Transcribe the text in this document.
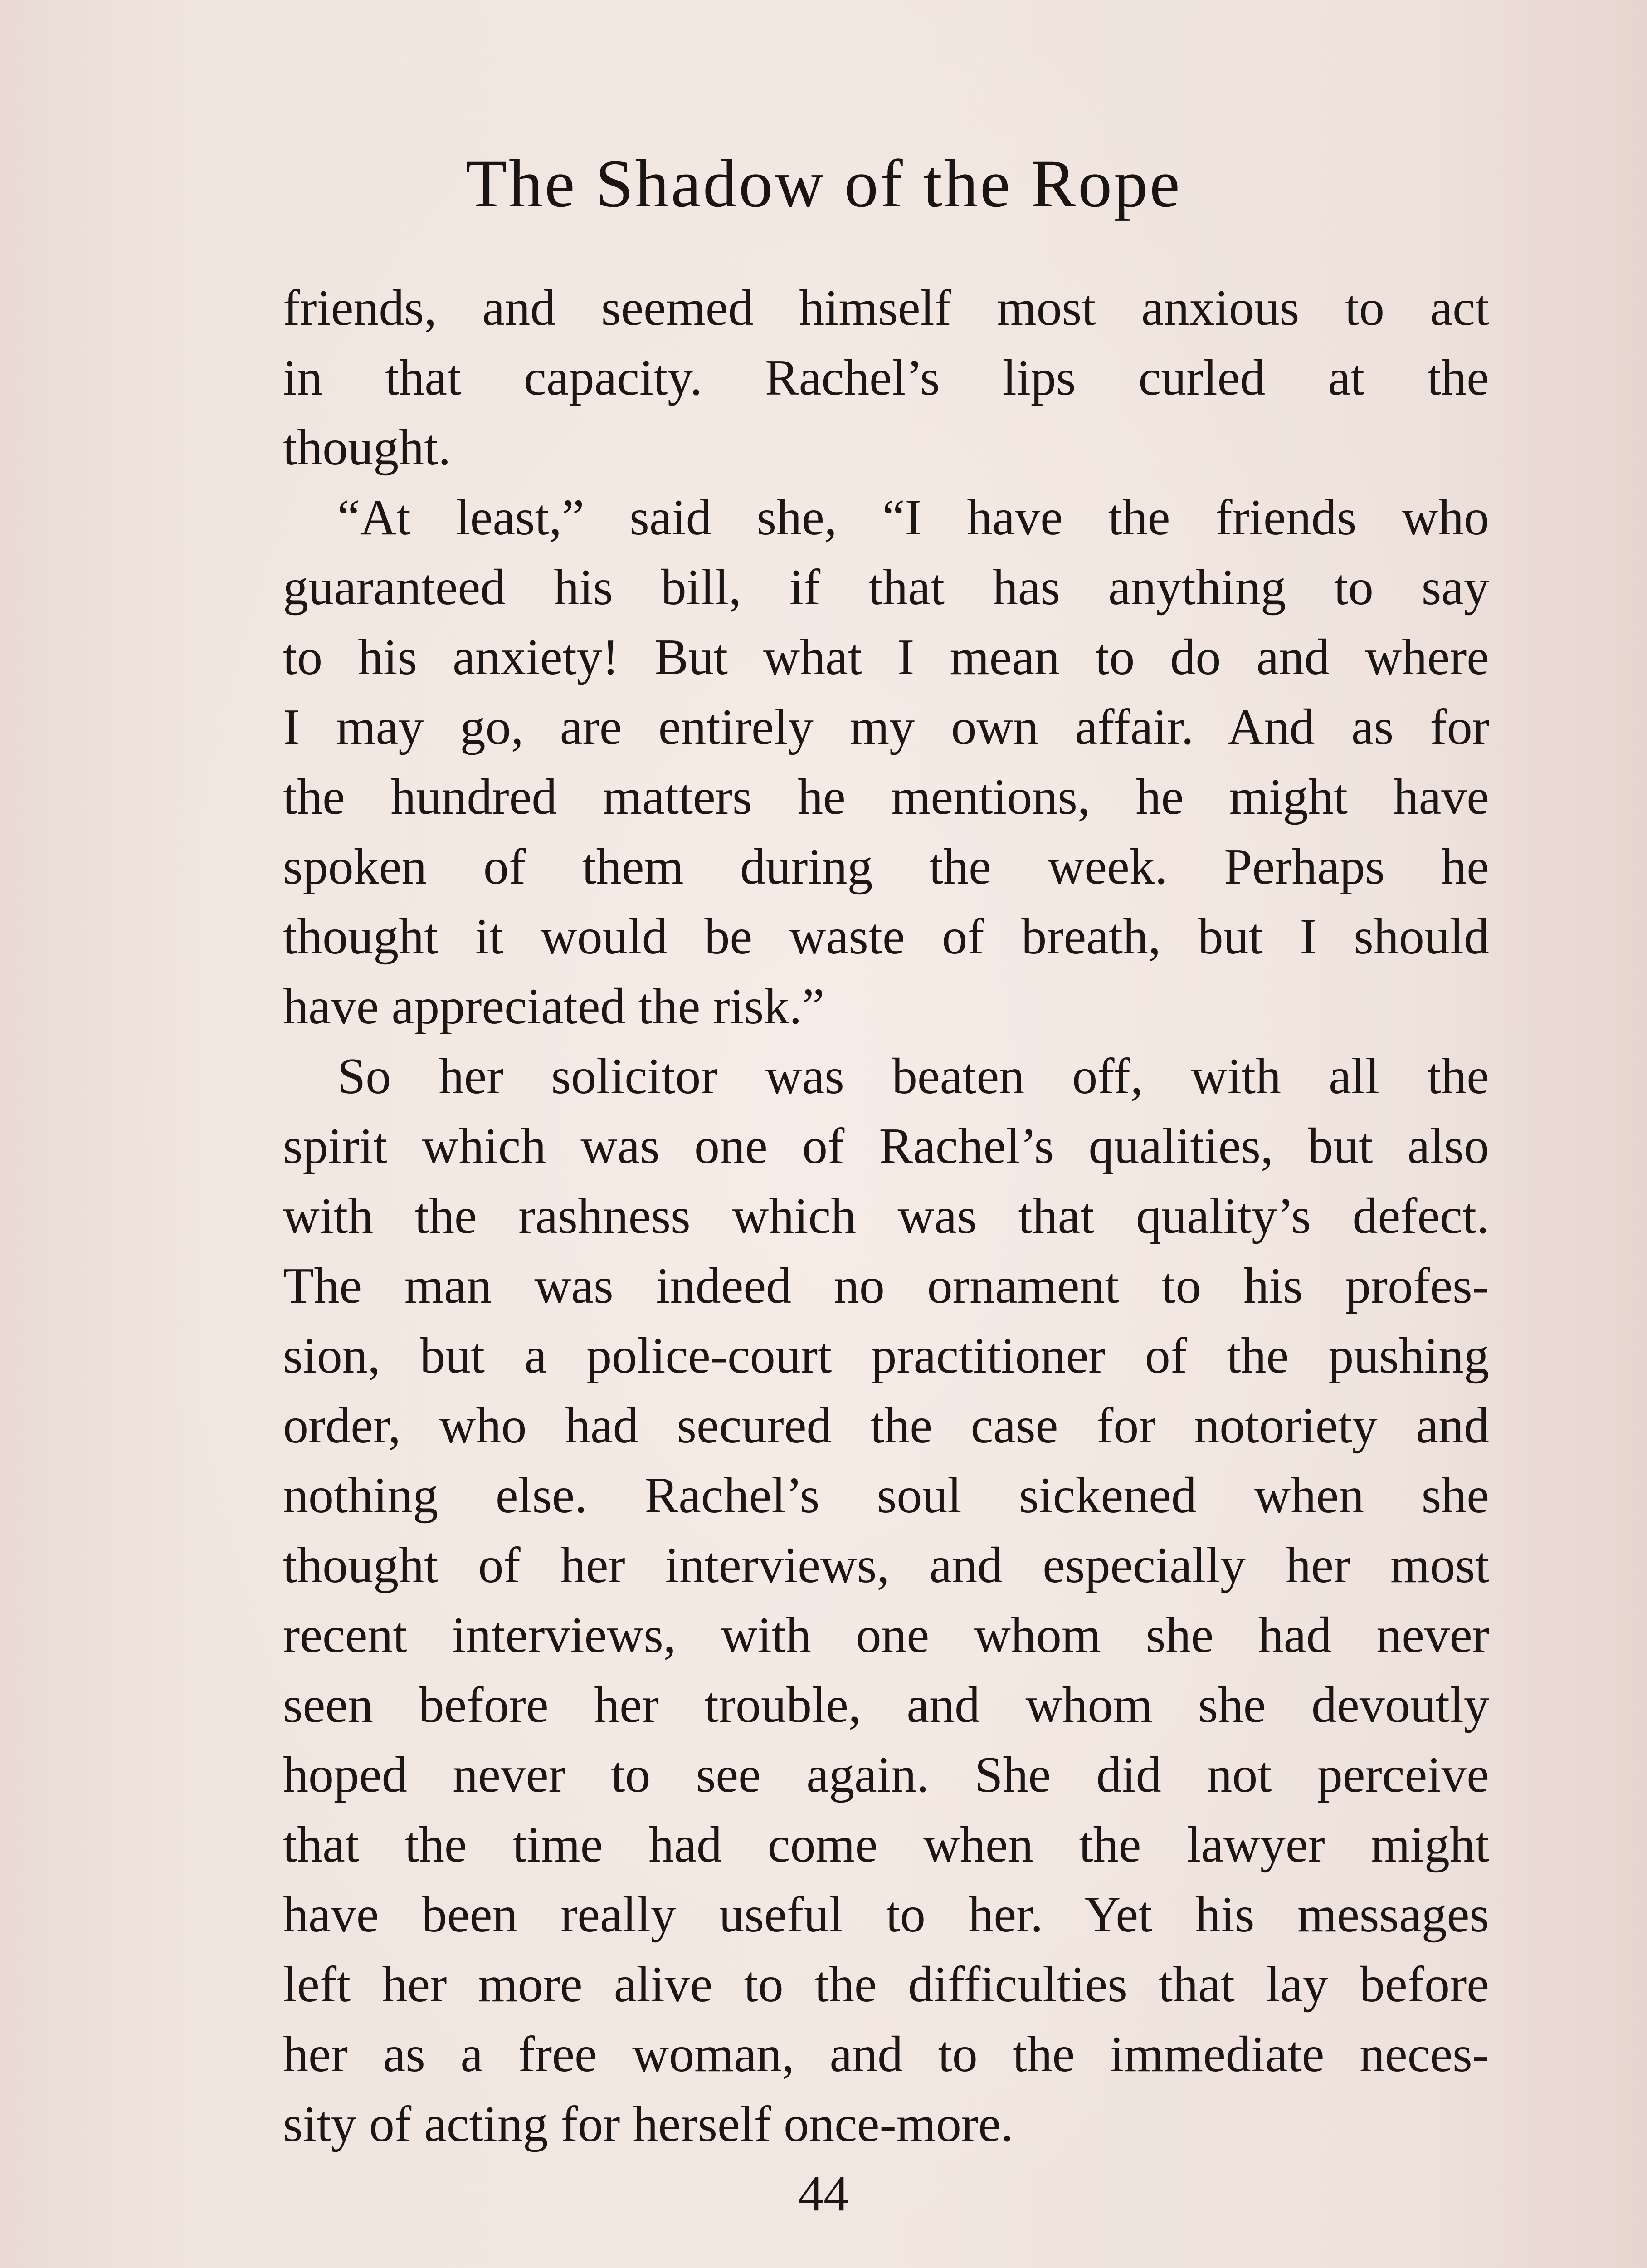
The Shadow of the Rope
friends, and seemed himself most anxious to act
in that capacity. Rachel’s lips curled at the
thought.
“At least,” said she, “I have the friends who
guaranteed his bill, if that has anything to say
to his anxiety! But what I mean to do and where
I may go, are entirely my own affair. And as for
the hundred matters he mentions, he might have
spoken of them during the week. Perhaps he
thought it would be waste of breath, but I should
have appreciated the risk.”
So her solicitor was beaten off, with all the
spirit which was one of Rachel’s qualities, but also
with the rashness which was that quality’s defect.
The man was indeed no ornament to his profes-
sion, but a police-court practitioner of the pushing
order, who had secured the case for notoriety and
nothing else. Rachel’s soul sickened when she
thought of her interviews, and especially her most
recent interviews, with one whom she had never
seen before her trouble, and whom she devoutly
hoped never to see again. She did not perceive
that the time had come when the lawyer might
have been really useful to her. Yet his messages
left her more alive to the difficulties that lay before
her as a free woman, and to the immediate neces-
sity of acting for herself once-more.
44
